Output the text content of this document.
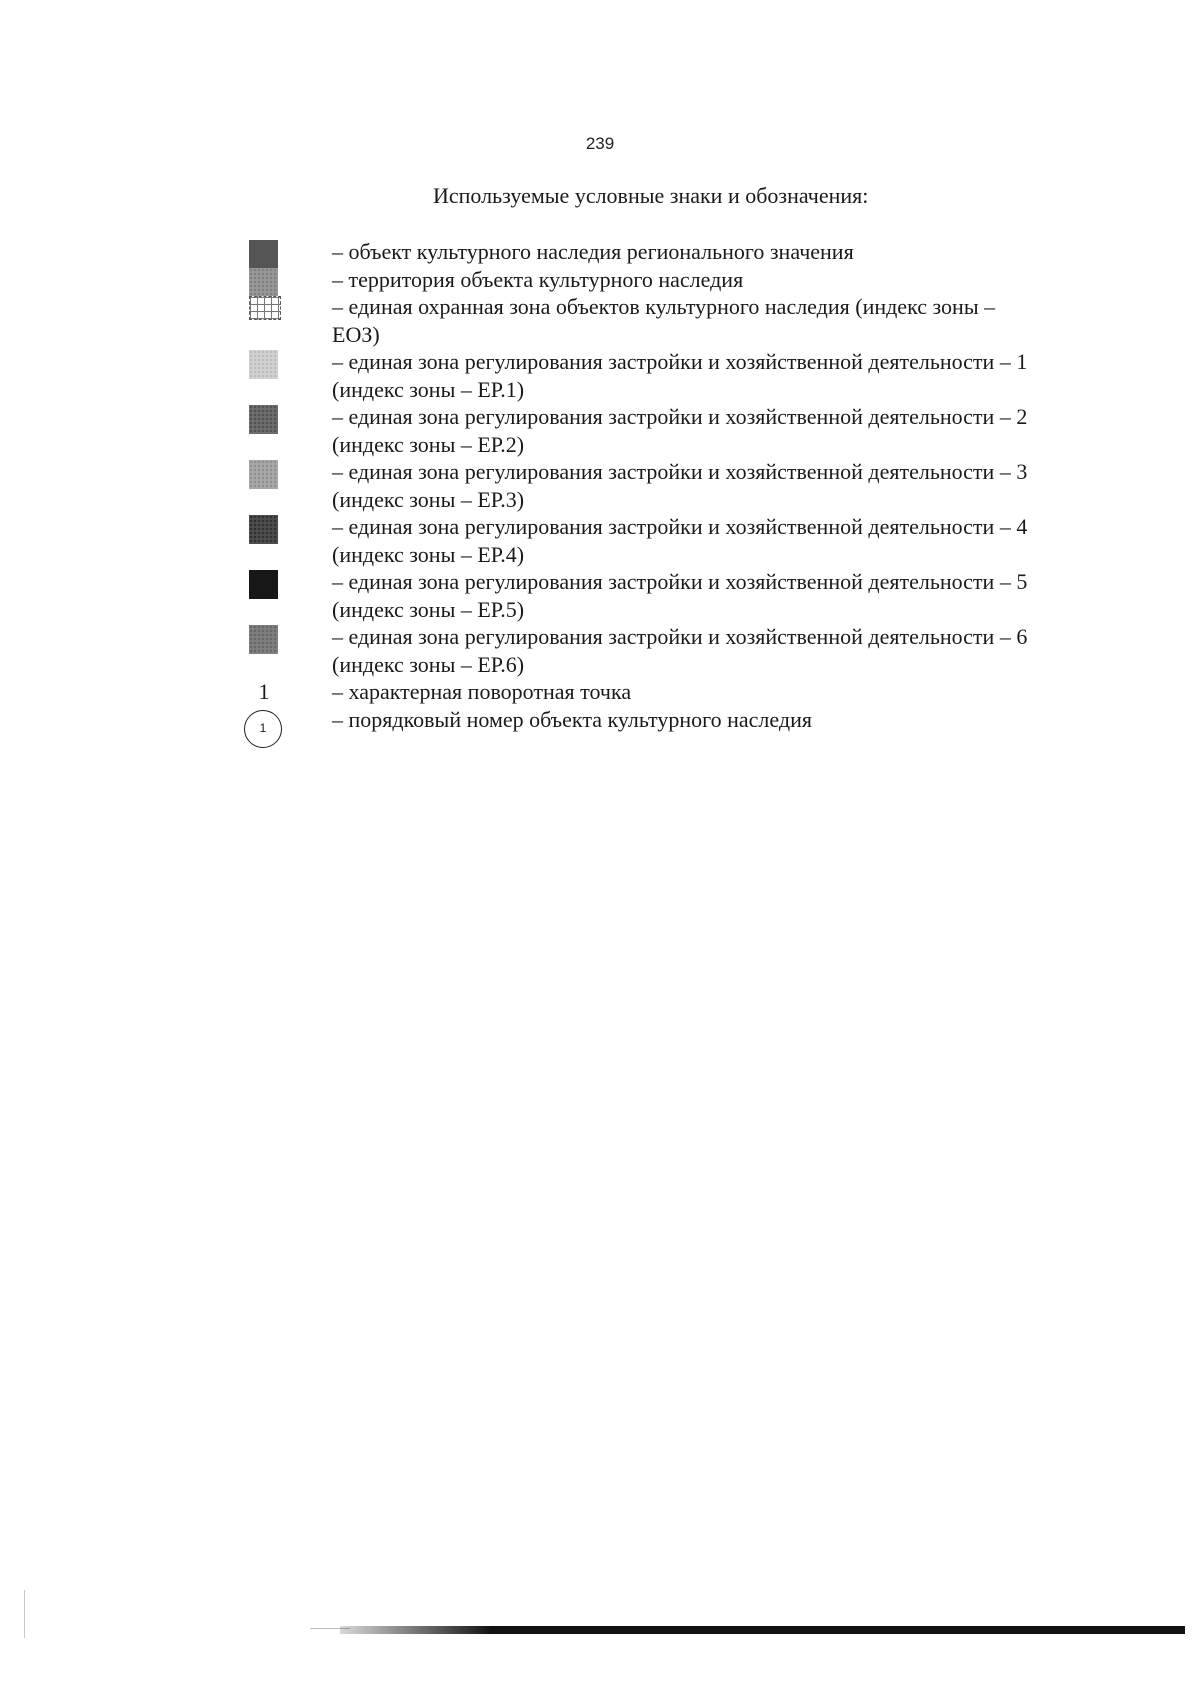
239
Используемые условные знаки и обозначения:
– объект культурного наследия регионального значения
– территория объекта культурного наследия
– единая охранная зона объектов культурного наследия (индекс зоны – ЕОЗ)
– единая зона регулирования застройки и хозяйственной деятельности – 1 (индекс зоны – ЕР.1)
– единая зона регулирования застройки и хозяйственной деятельности – 2 (индекс зоны – ЕР.2)
– единая зона регулирования застройки и хозяйственной деятельности – 3 (индекс зоны – ЕР.3)
– единая зона регулирования застройки и хозяйственной деятельности – 4 (индекс зоны – ЕР.4)
– единая зона регулирования застройки и хозяйственной деятельности – 5 (индекс зоны – ЕР.5)
– единая зона регулирования застройки и хозяйственной деятельности – 6 (индекс зоны – ЕР.6)
1	– характерная поворотная точка
1	– порядковый номер объекта культурного наследия
